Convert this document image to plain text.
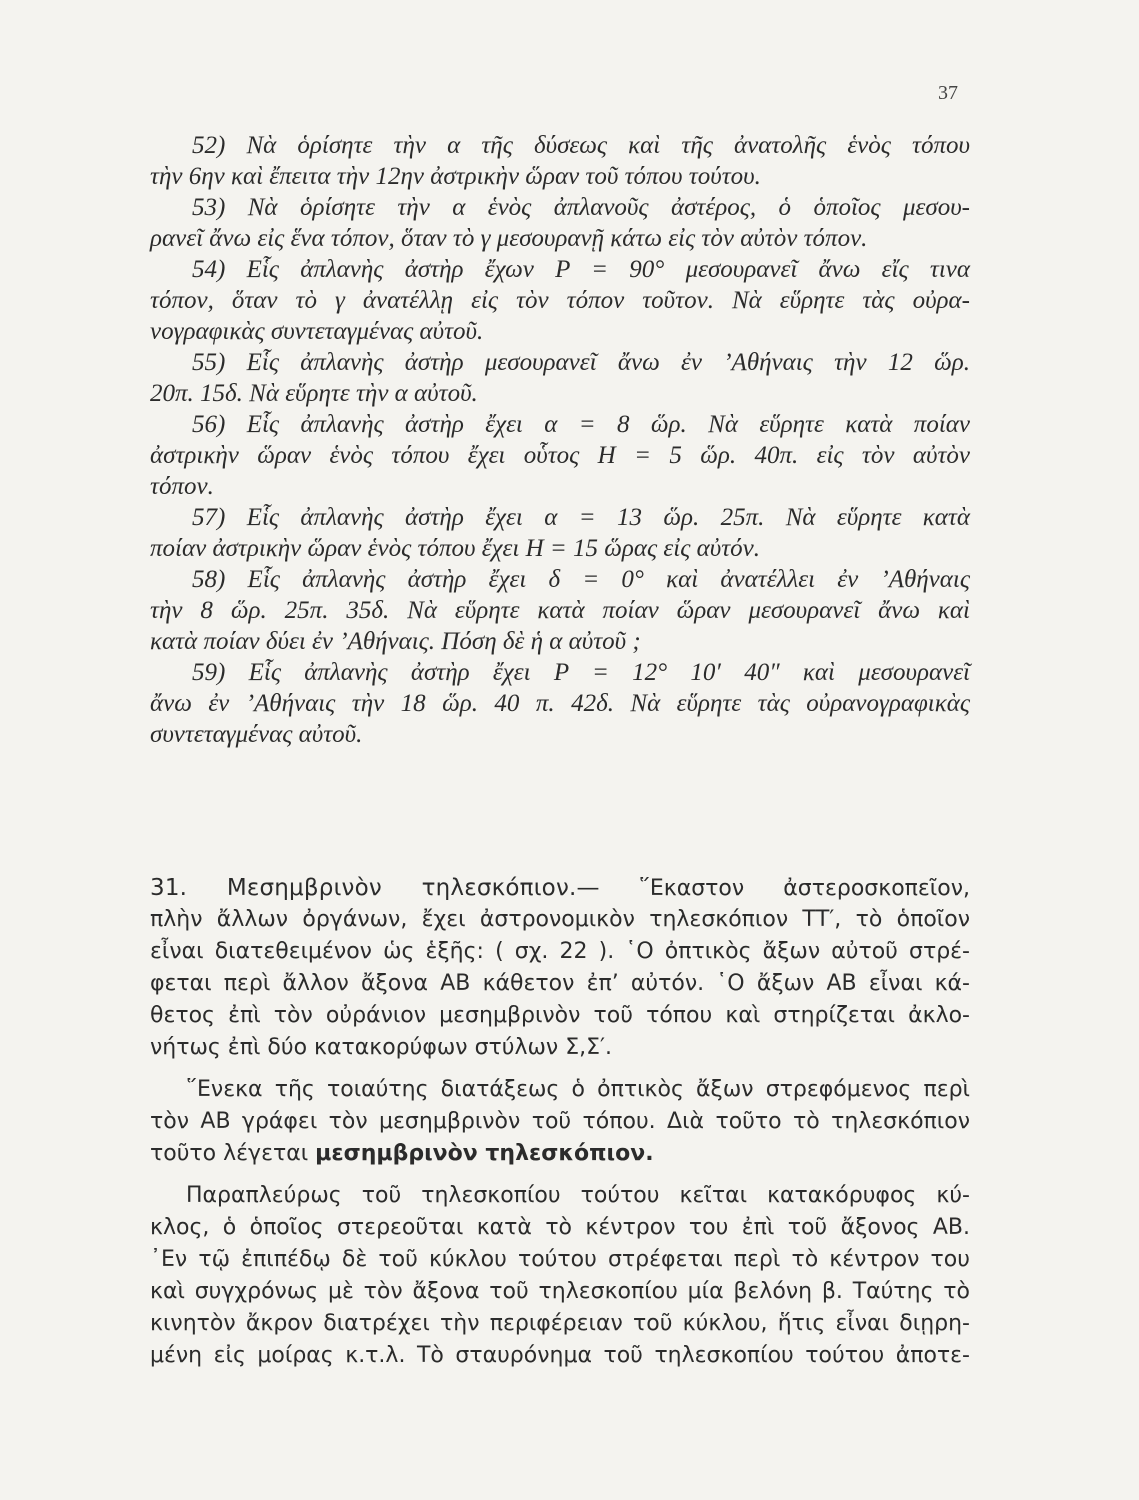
37
52) Νὰ ὁρίσητε τὴν α τῆς δύσεως καὶ τῆς ἀνατολῆς ἑνὸς τόπου
τὴν 6ην καὶ ἔπειτα τὴν 12ην ἀστρικὴν ὥραν τοῦ τόπου τούτου.
53) Νὰ ὁρίσητε τὴν α ἑνὸς ἀπλανοῦς ἀστέρος, ὁ ὁποῖος μεσου-
ρανεῖ ἄνω εἰς ἕνα τόπον, ὅταν τὸ γ μεσουρανῇ κάτω εἰς τὸν αὐτὸν τόπον.
54) Εἷς ἀπλανὴς ἀστὴρ ἔχων P = 90° μεσουρανεῖ ἄνω εἴς τινα
τόπον, ὅταν τὸ γ ἀνατέλλῃ εἰς τὸν τόπον τοῦτον. Νὰ εὕρητε τὰς οὐρα-
νογραφικὰς συντεταγμένας αὐτοῦ.
55) Εἷς ἀπλανὴς ἀστὴρ μεσουρανεῖ ἄνω ἐν ’Αθήναις τὴν 12 ὥρ.
20π. 15δ. Νὰ εὕρητε τὴν α αὐτοῦ.
56) Εἷς ἀπλανὴς ἀστὴρ ἔχει α = 8 ὥρ. Νὰ εὕρητε κατὰ ποίαν
ἀστρικὴν ὥραν ἑνὸς τόπου ἔχει οὗτος H = 5 ὥρ. 40π. εἰς τὸν αὐτὸν
τόπον.
57) Εἷς ἀπλανὴς ἀστὴρ ἔχει α = 13 ὥρ. 25π. Νὰ εὕρητε κατὰ
ποίαν ἀστρικὴν ὥραν ἑνὸς τόπου ἔχει H = 15 ὥρας εἰς αὐτόν.
58) Εἷς ἀπλανὴς ἀστὴρ ἔχει δ = 0° καὶ ἀνατέλλει ἐν ’Αθήναις
τὴν 8 ὥρ. 25π. 35δ. Νὰ εὕρητε κατὰ ποίαν ὥραν μεσουρανεῖ ἄνω καὶ
κατὰ ποίαν δύει ἐν ’Αθήναις. Πόση δὲ ἡ α αὐτοῦ ;
59) Εἷς ἀπλανὴς ἀστὴρ ἔχει P = 12° 10′ 40″ καὶ μεσουρανεῖ
ἄνω ἐν ’Αθήναις τὴν 18 ὥρ. 40 π. 42δ. Νὰ εὕρητε τὰς οὐρανογραφικὰς
συντεταγμένας αὐτοῦ.
31. Μεσημβρινὸν τηλεσκόπιον.— ῞Εκαστον ἀστεροσκοπεῖον,
πλὴν ἄλλων ὀργάνων, ἔχει ἀστρονομικὸν τηλεσκόπιον ΤΤ′, τὸ ὁποῖον
εἶναι διατεθειμένον ὡς ἑξῆς: ( σχ. 22 ). ῾Ο ὀπτικὸς ἄξων αὐτοῦ στρέ-
φεται περὶ ἄλλον ἄξονα ΑΒ κάθετον ἐπ’ αὐτόν. ῾Ο ἄξων ΑΒ εἶναι κά-
θετος ἐπὶ τὸν οὐράνιον μεσημβρινὸν τοῦ τόπου καὶ στηρίζεται ἀκλο-
νήτως ἐπὶ δύο κατακορύφων στύλων Σ,Σ′.
῞Ενεκα τῆς τοιαύτης διατάξεως ὁ ὀπτικὸς ἄξων στρεφόμενος περὶ
τὸν ΑΒ γράφει τὸν μεσημβρινὸν τοῦ τόπου. Διὰ τοῦτο τὸ τηλεσκόπιον
τοῦτο λέγεται μεσημβρινὸν τηλεσκόπιον.
Παραπλεύρως τοῦ τηλεσκοπίου τούτου κεῖται κατακόρυφος κύ-
κλος, ὁ ὁποῖος στερεοῦται κατὰ τὸ κέντρον του ἐπὶ τοῦ ἄξονος ΑΒ.
᾿Εν τῷ ἐπιπέδῳ δὲ τοῦ κύκλου τούτου στρέφεται περὶ τὸ κέντρον του
καὶ συγχρόνως μὲ τὸν ἄξονα τοῦ τηλεσκοπίου μία βελόνη β. Ταύτης τὸ
κινητὸν ἄκρον διατρέχει τὴν περιφέρειαν τοῦ κύκλου, ἥτις εἶναι διῃρη-
μένη εἰς μοίρας κ.τ.λ. Τὸ σταυρόνημα τοῦ τηλεσκοπίου τούτου ἀποτε-
